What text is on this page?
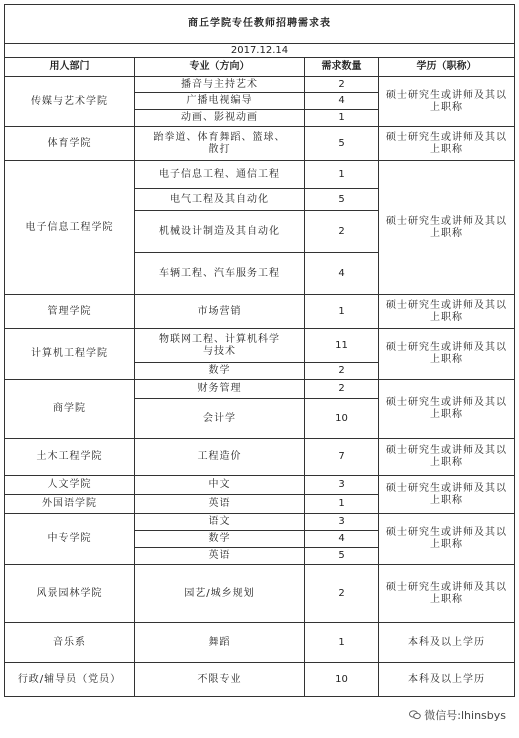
商丘学院专任教师招聘需求表			
2017.12.14			
用人部门	专业（方向）	需求数量	学历（职称）
传媒与艺术学院	播音与主持艺术	2	硕士研究生或讲师及其以上职称
	广播电视编导	4	
	动画、影视动画	1	
体育学院	跆拳道、体育舞蹈、篮球、散打	5	硕士研究生或讲师及其以上职称
电子信息工程学院	电子信息工程、通信工程	1	硕士研究生或讲师及其以上职称
	电气工程及其自动化	5	
	机械设计制造及其自动化	2	
	车辆工程、汽车服务工程	4	
管理学院	市场营销	1	硕士研究生或讲师及其以上职称
计算机工程学院	物联网工程、计算机科学与技术	11	硕士研究生或讲师及其以上职称
	数学	2	
商学院	财务管理	2	硕士研究生或讲师及其以上职称
	会计学	10	
土木工程学院	工程造价	7	硕士研究生或讲师及其以上职称
人文学院	中文	3	硕士研究生或讲师及其以上职称
外国语学院	英语	1	
中专学院	语文	3	硕士研究生或讲师及其以上职称
	数学	4	
	英语	5	
风景园林学院	园艺/城乡规划	2	硕士研究生或讲师及其以上职称
音乐系	舞蹈	1	本科及以上学历
行政/辅导员（党员）	不限专业	10	本科及以上学历
微信号:lhinsbys
